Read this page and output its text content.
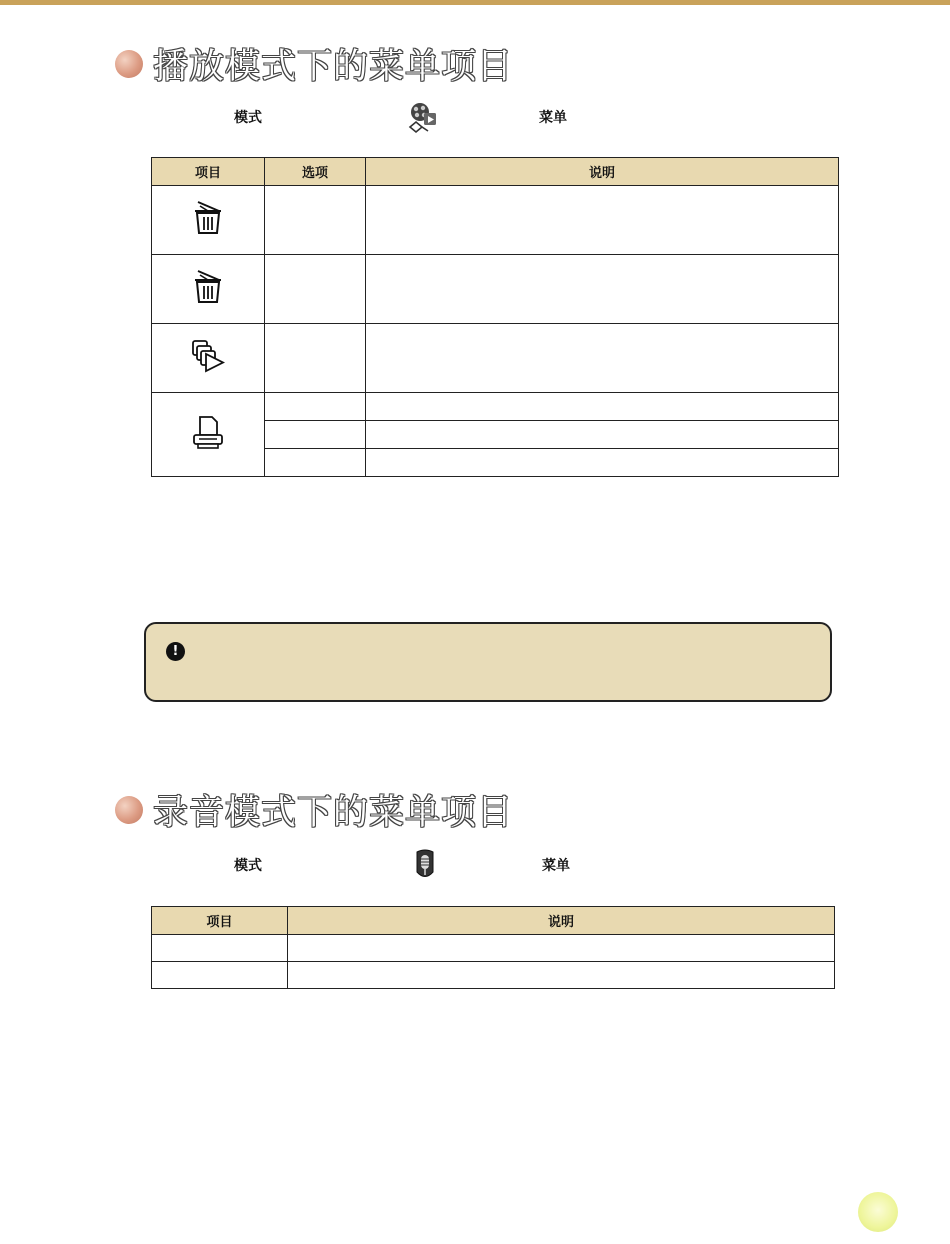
播放模式下的菜单项目
模式	菜单
项目	选项	说明

!
录音模式下的菜单项目
模式	菜单
项目	说明
